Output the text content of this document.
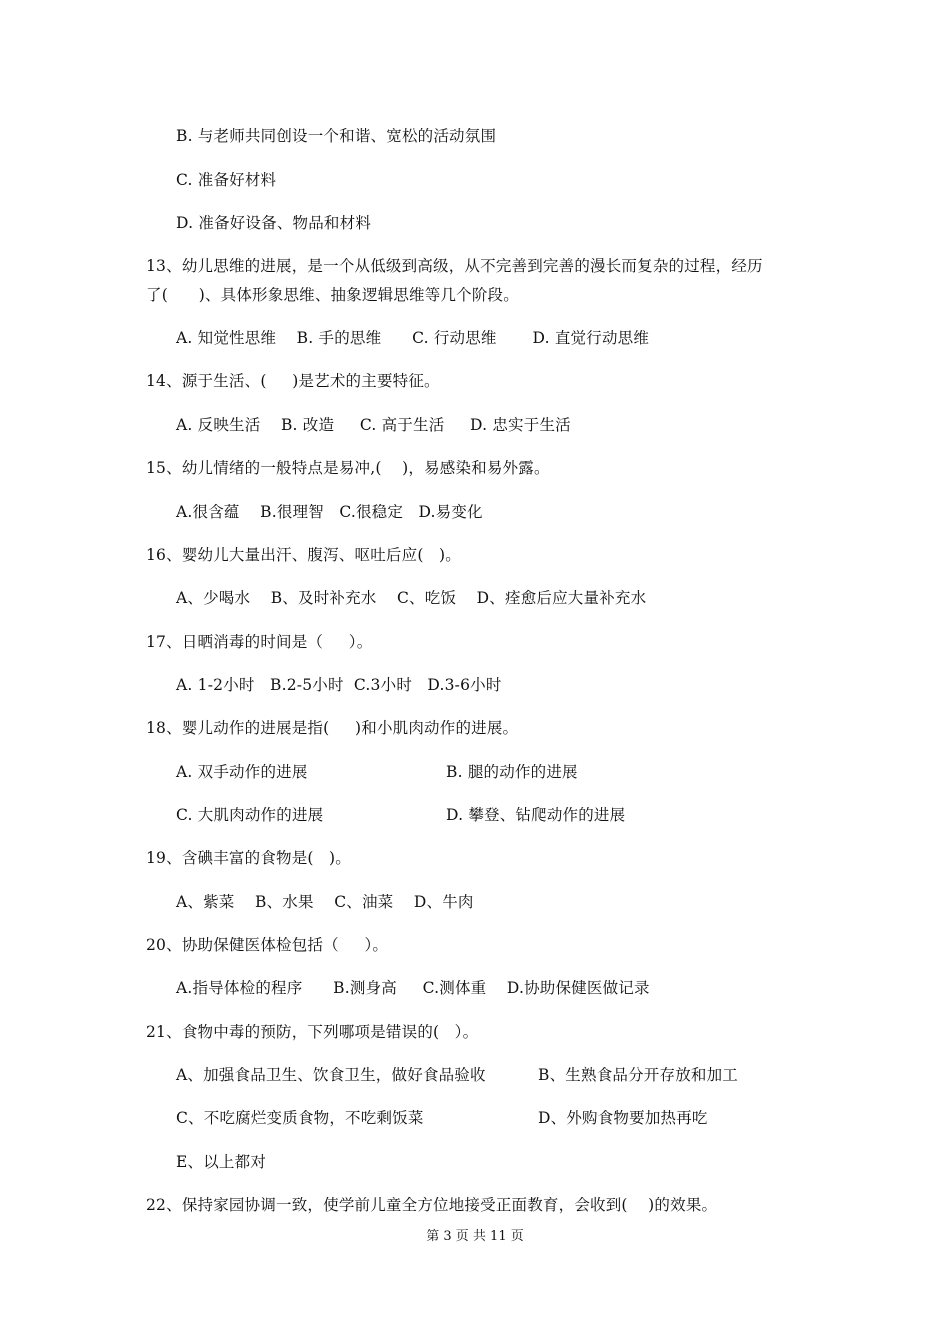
B. 与老师共同创设一个和谐、宽松的活动氛围
C. 准备好材料
D. 准备好设备、物品和材料
13、幼儿思维的进展，是一个从低级到高级，从不完善到完善的漫长而复杂的过程，经历
了(      )、具体形象思维、抽象逻辑思维等几个阶段。
A. 知觉性思维    B. 手的思维      C. 行动思维       D. 直觉行动思维
14、源于生活、(     )是艺术的主要特征。
A. 反映生活    B. 改造     C. 高于生活     D. 忠实于生活
15、幼儿情绪的一般特点是易冲,(    )，易感染和易外露。
A.很含蕴    B.很理智   C.很稳定   D.易变化
16、婴幼儿大量出汗、腹泻、呕吐后应(   )。
A、少喝水    B、及时补充水    C、吃饭    D、痊愈后应大量补充水
17、日晒消毒的时间是（     ）。
A. 1-2小时   B.2-5小时  C.3小时   D.3-6小时
18、婴儿动作的进展是指(     )和小肌肉动作的进展。
A. 双手动作的进展	B. 腿的动作的进展
C. 大肌肉动作的进展	D. 攀登、钻爬动作的进展
19、含碘丰富的食物是(   )。
A、紫菜    B、水果    C、油菜    D、牛肉
20、协助保健医体检包括（     ）。
A.指导体检的程序      B.测身高     C.测体重    D.协助保健医做记录
21、食物中毒的预防，下列哪项是错误的(   ）。
A、加强食品卫生、饮食卫生，做好食品验收	B、生熟食品分开存放和加工
C、不吃腐烂变质食物，不吃剩饭菜	D、外购食物要加热再吃
E、以上都对
22、保持家园协调一致，使学前儿童全方位地接受正面教育，会收到(    )的效果。
第 3 页 共 11 页
